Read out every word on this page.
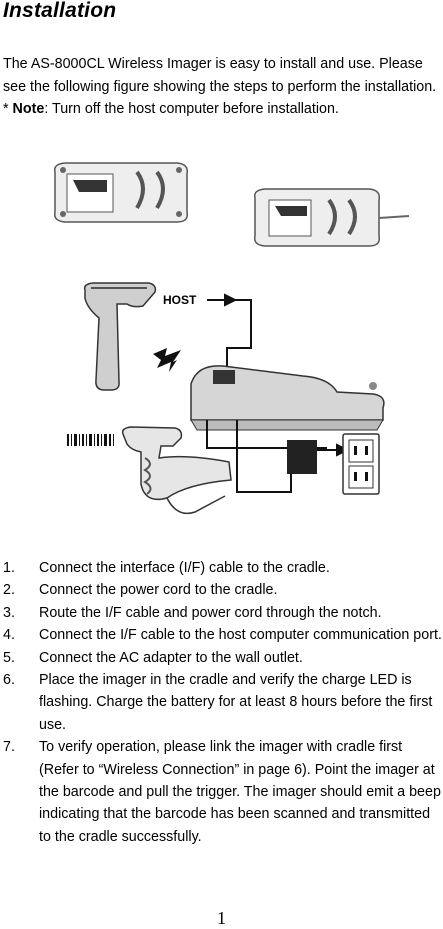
Installation

The AS-8000CL Wireless Imager is easy to install and use. Please see the following figure showing the steps to perform the installation.

* Note: Turn off the host computer before installation.

HOST
1.	Connect the interface (I/F) cable to the cradle.
2.	Connect the power cord to the cradle.
3.	Route the I/F cable and power cord through the notch.
4.	Connect the I/F cable to the host computer communication port.
5.	Connect the AC adapter to the wall outlet.
6.	Place the imager in the cradle and verify the charge LED is flashing. Charge the battery for at least 8 hours before the first use.
7.	To verify operation, please link the imager with cradle first (Refer to “Wireless Connection” in page 6). Point the imager at the barcode and pull the trigger. The imager should emit a beep indicating that the barcode has been scanned and transmitted to the cradle successfully.
1
